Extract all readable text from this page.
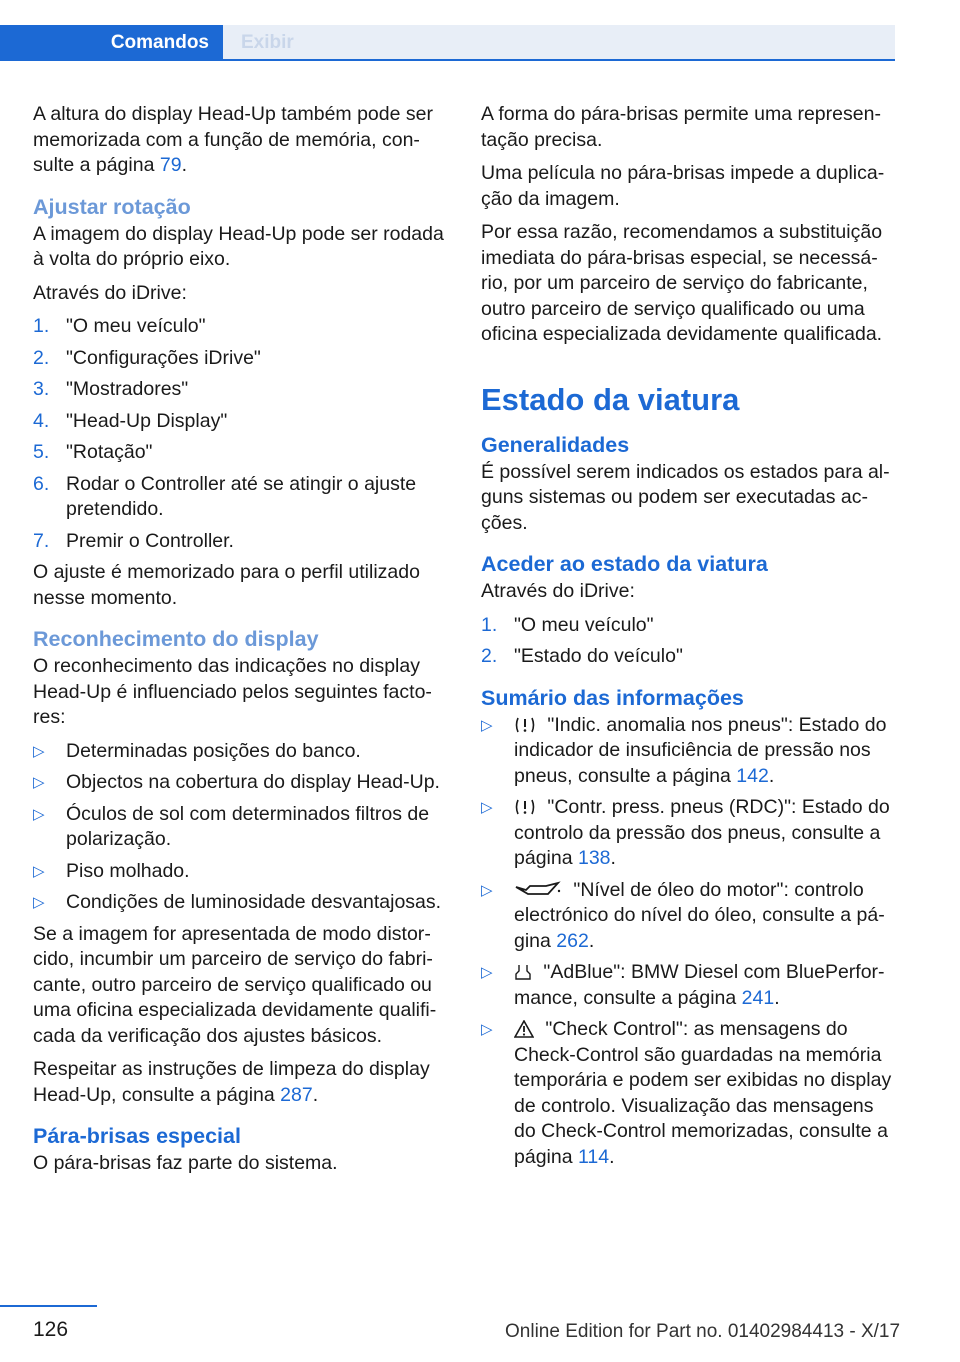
Comandos	Exibir

A altura do display Head-Up também pode ser memorizada com a função de memória, consulte a página 79.

Ajustar rotação

A imagem do display Head-Up pode ser rodada à volta do próprio eixo.

Através do iDrive:

1. "O meu veículo"
2. "Configurações iDrive"
3. "Mostradores"
4. "Head-Up Display"
5. "Rotação"
6. Rodar o Controller até se atingir o ajuste pretendido.
7. Premir o Controller.

O ajuste é memorizado para o perfil utilizado nesse momento.

Reconhecimento do display

O reconhecimento das indicações no display Head-Up é influenciado pelos seguintes factores:

▷ Determinadas posições do banco.
▷ Objectos na cobertura do display Head-Up.
▷ Óculos de sol com determinados filtros de polarização.
▷ Piso molhado.
▷ Condições de luminosidade desvantajosas.

Se a imagem for apresentada de modo distorcido, incumbir um parceiro de serviço do fabricante, outro parceiro de serviço qualificado ou uma oficina especializada devidamente qualificada da verificação dos ajustes básicos.

Respeitar as instruções de limpeza do display Head-Up, consulte a página 287.

Pára-brisas especial

O pára-brisas faz parte do sistema.

A forma do pára-brisas permite uma representação precisa.

Uma película no pára-brisas impede a duplicação da imagem.

Por essa razão, recomendamos a substituição imediata do pára-brisas especial, se necessário, por um parceiro de serviço do fabricante, outro parceiro de serviço qualificado ou uma oficina especializada devidamente qualificada.

Estado da viatura
Generalidades

É possível serem indicados os estados para alguns sistemas ou podem ser executadas acções.

Aceder ao estado da viatura

Através do iDrive:

1. "O meu veículo"
2. "Estado do veículo"
Sumário das informações
▷	"Indic. anomalia nos pneus": Estado do indicador de insuficiência de pressão nos pneus, consulte a página 142.
▷	"Contr. press. pneus (RDC)": Estado do controlo da pressão dos pneus, consulte a página 138.
▷	"Nível de óleo do motor": controlo electrónico do nível do óleo, consulte a página 262.
▷ "AdBlue": BMW Diesel com BluePerformance, consulte a página 241.
▷ "Check Control": as mensagens do Check-Control são guardadas na memória temporária e podem ser exibidas no display de controlo. Visualização das mensagens do Check-Control memorizadas, consulte a página 114.
126	Online Edition for Part no. 01402984413 - X/17
